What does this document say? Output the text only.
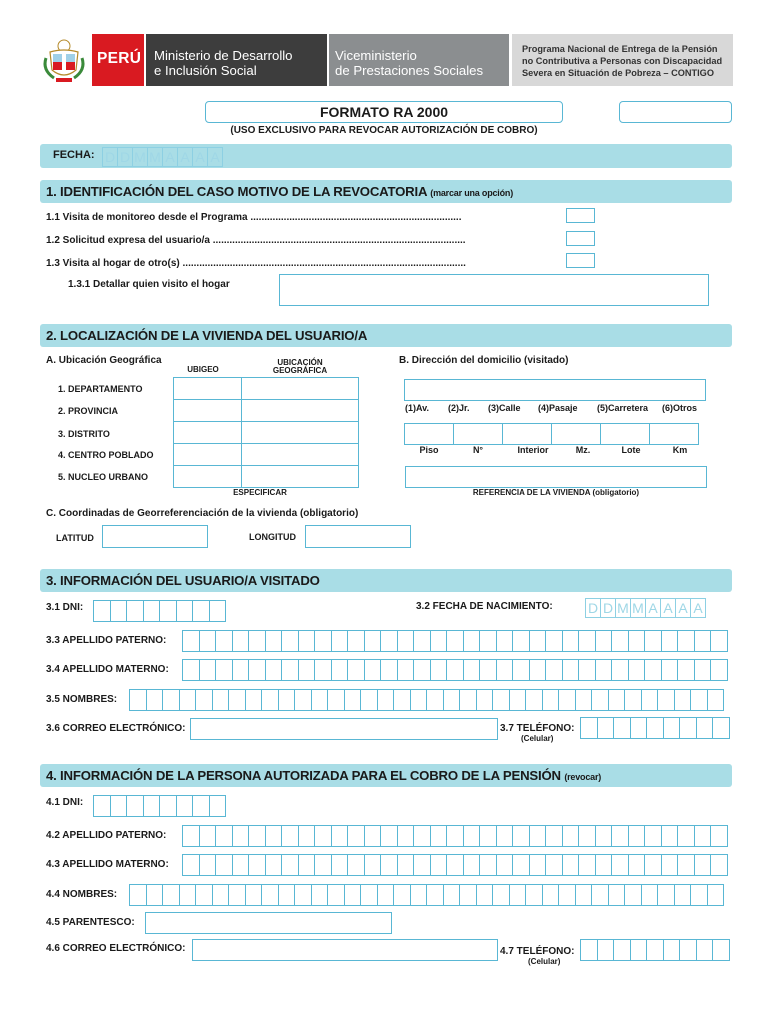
PERÚ Ministerio de Desarrollo
e Inclusión Social
Viceministerio
de Prestaciones Sociales
Programa Nacional de Entrega de la Pensión
no Contributiva a Personas con Discapacidad
Severa en Situación de Pobreza – CONTIGO
FORMATO RA 2000
(USO EXCLUSIVO PARA REVOCAR AUTORIZACIÓN DE COBRO)
FECHA: D D M M A A A A
1. IDENTIFICACIÓN DEL CASO MOTIVO DE LA REVOCATORIA (marcar una opción)
1.1 Visita de monitoreo desde el Programa ............................................................................
1.2 Solicitud expresa del usuario/a ...........................................................................................
1.3 Visita al hogar de otro(s) ......................................................................................................
1.3.1 Detallar quien visito el hogar
2. LOCALIZACIÓN DE LA VIVIENDA DEL USUARIO/A
A. Ubicación Geográfica
UBIGEO
UBICACIÓN
GEOGRÁFICA
1. DEPARTAMENTO
2. PROVINCIA
3. DISTRITO
4. CENTRO POBLADO
5. NUCLEO URBANO

ESPECIFICAR
B. Dirección del domicilio (visitado)
(1)Av. (2)Jr. (3)Calle (4)Pasaje (5)Carretera (6)Otros
Piso	N°	Interior	Mz.	Lote	Km
REFERENCIA DE LA VIVIENDA (obligatorio)
C. Coordinadas de Georreferenciación de la vivienda (obligatorio)
LATITUD	LONGITUD
3. INFORMACIÓN DEL USUARIO/A VISITADO
3.1 DNI:	3.2 FECHA DE NACIMIENTO:	D D M M A A A A
3.3 APELLIDO PATERNO:
3.4 APELLIDO MATERNO:
3.5 NOMBRES:
3.6 CORREO ELECTRÓNICO:	3.7 TELÉFONO:
(Celular)
4. INFORMACIÓN DE LA PERSONA AUTORIZADA PARA EL COBRO DE LA PENSIÓN (revocar)
4.1 DNI:
4.2 APELLIDO PATERNO:
4.3 APELLIDO MATERNO:
4.4 NOMBRES:
4.5 PARENTESCO:
4.6 CORREO ELECTRÓNICO:	4.7 TELÉFONO:
(Celular)
